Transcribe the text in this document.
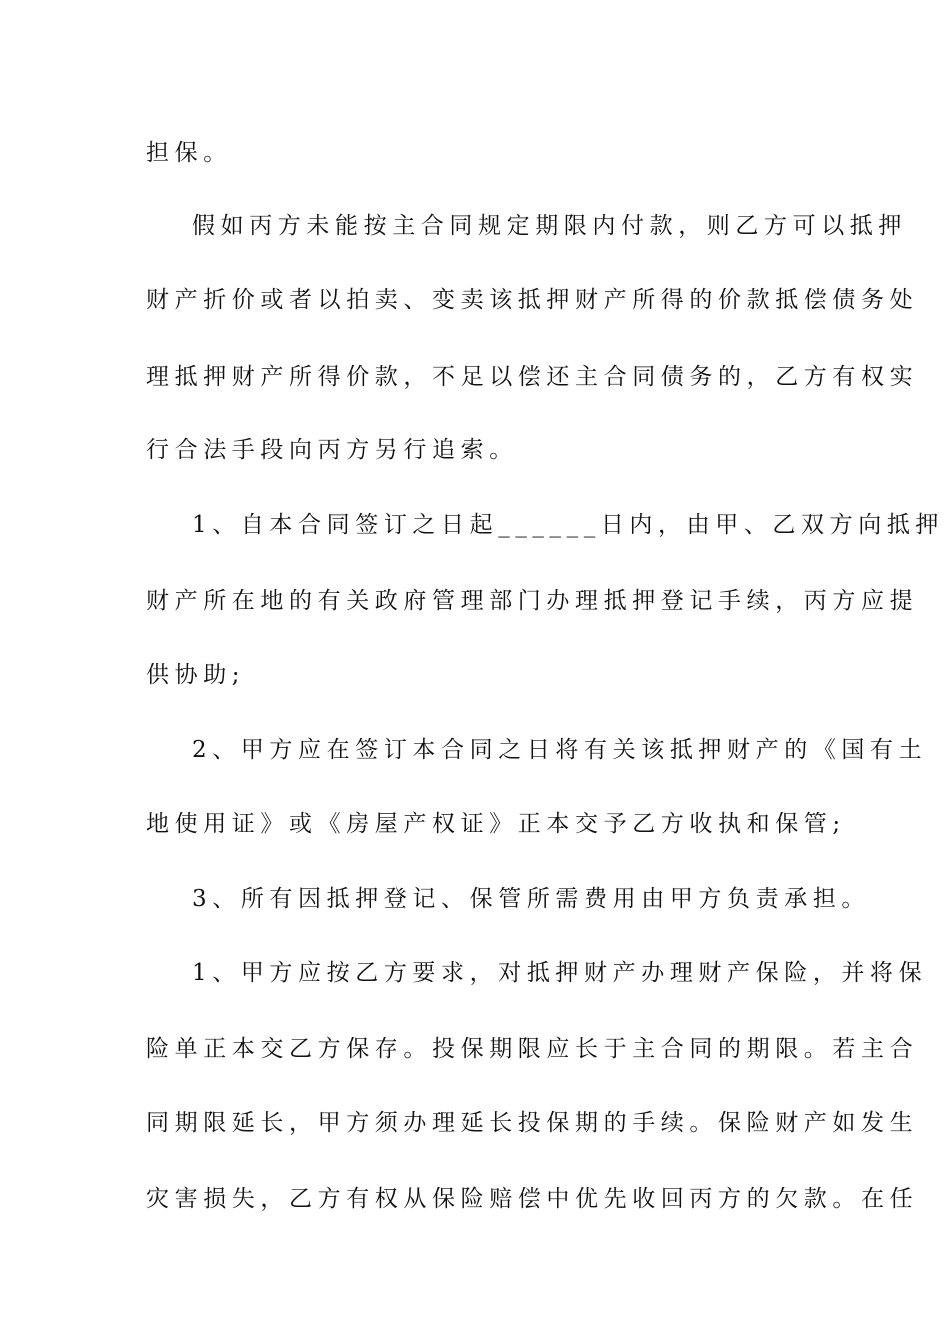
担保。
假如丙方未能按主合同规定期限内付款，则乙方可以抵押
财产折价或者以拍卖、变卖该抵押财产所得的价款抵偿债务处
理抵押财产所得价款，不足以偿还主合同债务的，乙方有权实
行合法手段向丙方另行追索。
1、自本合同签订之日起______日内，由甲、乙双方向抵押
财产所在地的有关政府管理部门办理抵押登记手续，丙方应提
供协助;
2、甲方应在签订本合同之日将有关该抵押财产的《国有土
地使用证》或《房屋产权证》正本交予乙方收执和保管;
3、所有因抵押登记、保管所需费用由甲方负责承担。
1、甲方应按乙方要求，对抵押财产办理财产保险，并将保
险单正本交乙方保存。投保期限应长于主合同的期限。若主合
同期限延长，甲方须办理延长投保期的手续。保险财产如发生
灾害损失，乙方有权从保险赔偿中优先收回丙方的欠款。在任
